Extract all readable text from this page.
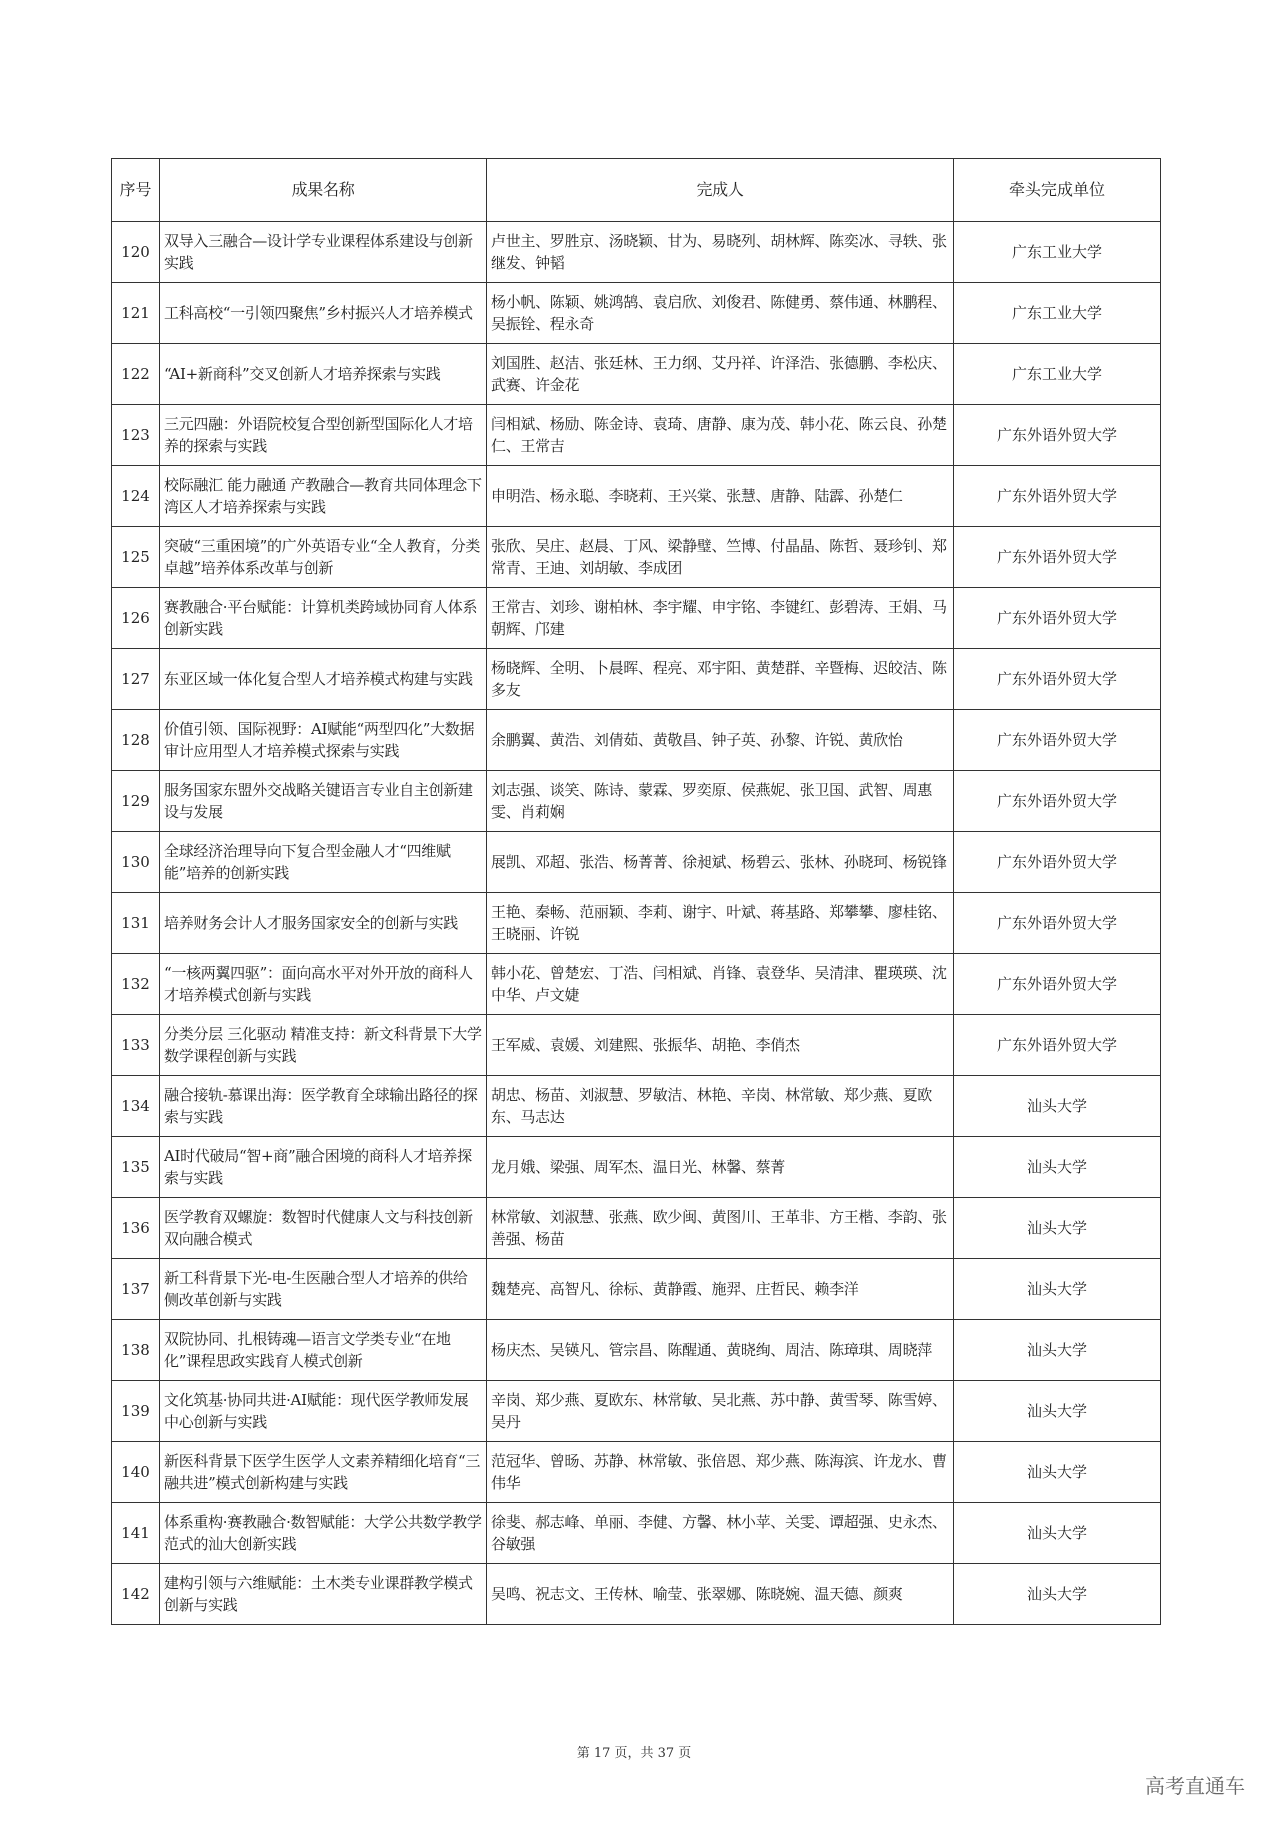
序号	成果名称	完成人	牵头完成单位
120	双导入三融合—设计学专业课程体系建设与创新实践	卢世主、罗胜京、汤晓颖、甘为、易晓列、胡林辉、陈奕冰、寻轶、张继发、钟韬	广东工业大学
121	工科高校“一引领四聚焦”乡村振兴人才培养模式	杨小帆、陈颖、姚鸿鹄、袁启欣、刘俊君、陈健勇、蔡伟通、林鹏程、吴振铨、程永奇	广东工业大学
122	“AI+新商科”交叉创新人才培养探索与实践	刘国胜、赵洁、张廷林、王力纲、艾丹祥、许泽浩、张德鹏、李松庆、武赛、许金花	广东工业大学
123	三元四融：外语院校复合型创新型国际化人才培养的探索与实践	闫相斌、杨励、陈金诗、袁琦、唐静、康为茂、韩小花、陈云良、孙楚仁、王常吉	广东外语外贸大学
124	校际融汇 能力融通 产教融合—教育共同体理念下湾区人才培养探索与实践	申明浩、杨永聪、李晓莉、王兴棠、张慧、唐静、陆霹、孙楚仁	广东外语外贸大学
125	突破“三重困境”的广外英语专业“全人教育，分类卓越”培养体系改革与创新	张欣、吴庄、赵晨、丁风、梁静璧、竺博、付晶晶、陈哲、聂珍钊、郑常青、王迪、刘胡敏、李成团	广东外语外贸大学
126	赛教融合·平台赋能：计算机类跨域协同育人体系创新实践	王常吉、刘珍、谢柏林、李宇耀、申宇铭、李键红、彭碧涛、王娟、马朝辉、邝建	广东外语外贸大学
127	东亚区域一体化复合型人才培养模式构建与实践	杨晓辉、全明、卜晨晖、程亮、邓宇阳、黄楚群、辛暨梅、迟皎洁、陈多友	广东外语外贸大学
128	价值引领、国际视野：AI赋能“两型四化”大数据审计应用型人才培养模式探索与实践	余鹏翼、黄浩、刘倩茹、黄敬昌、钟子英、孙黎、许锐、黄欣怡	广东外语外贸大学
129	服务国家东盟外交战略关键语言专业自主创新建设与发展	刘志强、谈笑、陈诗、蒙霖、罗奕原、侯燕妮、张卫国、武智、周惠雯、肖莉娴	广东外语外贸大学
130	全球经济治理导向下复合型金融人才“四维赋能”培养的创新实践	展凯、邓超、张浩、杨菁菁、徐昶斌、杨碧云、张林、孙晓珂、杨锐锋	广东外语外贸大学
131	培养财务会计人才服务国家安全的创新与实践	王艳、秦畅、范丽颖、李莉、谢宇、叶斌、蒋基路、郑攀攀、廖桂铭、王晓丽、许锐	广东外语外贸大学
132	“一核两翼四驱”：面向高水平对外开放的商科人才培养模式创新与实践	韩小花、曾楚宏、丁浩、闫相斌、肖锋、袁登华、吴清津、瞿瑛瑛、沈中华、卢文婕	广东外语外贸大学
133	分类分层 三化驱动 精准支持：新文科背景下大学数学课程创新与实践	王军威、袁媛、刘建熙、张振华、胡艳、李俏杰	广东外语外贸大学
134	融合接轨-慕课出海：医学教育全球输出路径的探索与实践	胡忠、杨苗、刘淑慧、罗敏洁、林艳、辛岗、林常敏、郑少燕、夏欧东、马志达	汕头大学
135	AI时代破局“智+商”融合困境的商科人才培养探索与实践	龙月娥、梁强、周军杰、温日光、林馨、蔡菁	汕头大学
136	医学教育双螺旋：数智时代健康人文与科技创新双向融合模式	林常敏、刘淑慧、张燕、欧少闽、黄图川、王革非、方王楷、李韵、张善强、杨苗	汕头大学
137	新工科背景下光-电-生医融合型人才培养的供给侧改革创新与实践	魏楚亮、高智凡、徐标、黄静霞、施羿、庄哲民、赖李洋	汕头大学
138	双院协同、扎根铸魂—语言文学类专业“在地化”课程思政实践育人模式创新	杨庆杰、吴锳凡、管宗昌、陈醒通、黄晓绚、周洁、陈璋琪、周晓萍	汕头大学
139	文化筑基·协同共进·AI赋能：现代医学教师发展中心创新与实践	辛岗、郑少燕、夏欧东、林常敏、吴北燕、苏中静、黄雪琴、陈雪婷、吴丹	汕头大学
140	新医科背景下医学生医学人文素养精细化培育“三融共进”模式创新构建与实践	范冠华、曾旸、苏静、林常敏、张倍恩、郑少燕、陈海滨、许龙水、曹伟华	汕头大学
141	体系重构·赛教融合·数智赋能：大学公共数学教学范式的汕大创新实践	徐斐、郝志峰、单丽、李健、方馨、林小苹、关雯、谭超强、史永杰、谷敏强	汕头大学
142	建构引领与六维赋能：土木类专业课群教学模式创新与实践	吴鸣、祝志文、王传林、喻莹、张翠娜、陈晓婉、温天德、颜爽	汕头大学
第 17 页，共 37 页
高考直通车
